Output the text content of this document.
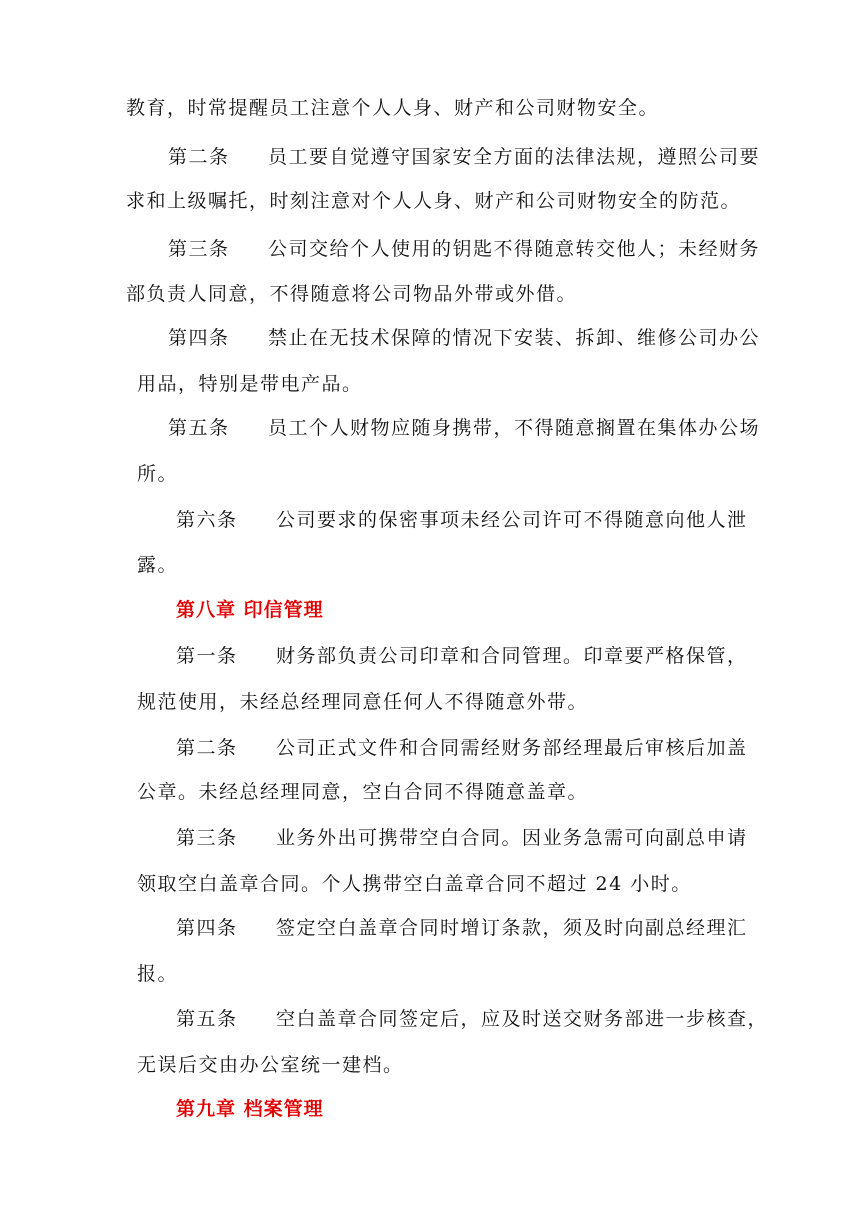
教育，时常提醒员工注意个人人身、财产和公司财物安全。
第二条 员工要自觉遵守国家安全方面的法律法规，遵照公司要
求和上级嘱托，时刻注意对个人人身、财产和公司财物安全的防范。
第三条 公司交给个人使用的钥匙不得随意转交他人；未经财务
部负责人同意，不得随意将公司物品外带或外借。
第四条 禁止在无技术保障的情况下安装、拆卸、维修公司办公
用品，特别是带电产品。
第五条 员工个人财物应随身携带，不得随意搁置在集体办公场
所。
第六条 公司要求的保密事项未经公司许可不得随意向他人泄
露。
第八章 印信管理
第一条 财务部负责公司印章和合同管理。印章要严格保管，
规范使用，未经总经理同意任何人不得随意外带。
第二条 公司正式文件和合同需经财务部经理最后审核后加盖
公章。未经总经理同意，空白合同不得随意盖章。
第三条 业务外出可携带空白合同。因业务急需可向副总申请
领取空白盖章合同。个人携带空白盖章合同不超过 24 小时。
第四条 签定空白盖章合同时增订条款，须及时向副总经理汇
报。
第五条 空白盖章合同签定后，应及时送交财务部进一步核查，
无误后交由办公室统一建档。
第九章 档案管理
